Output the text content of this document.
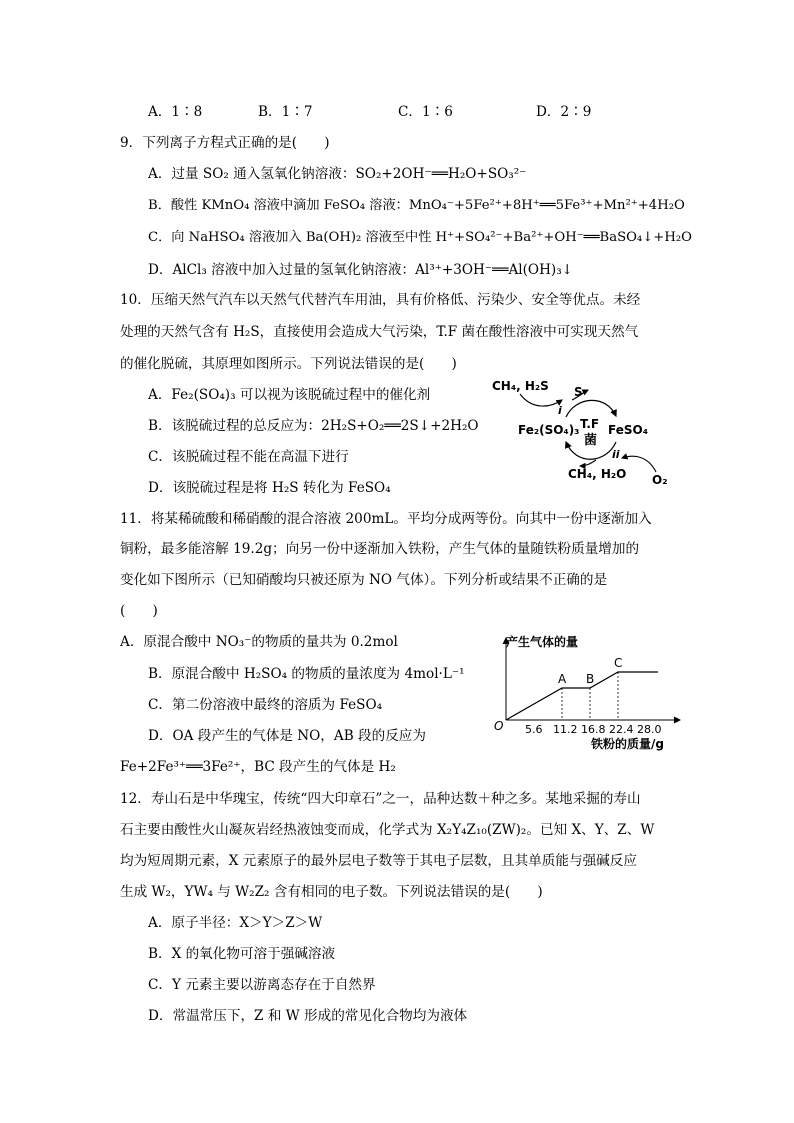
A．1∶8	B．1∶7	C．1∶6	D．2∶9
9．下列离子方程式正确的是(　　)
A．过量 SO₂ 通入氢氧化钠溶液：SO₂+2OH⁻══H₂O+SO₃²⁻
B．酸性 KMnO₄ 溶液中滴加 FeSO₄ 溶液：MnO₄⁻+5Fe²⁺+8H⁺══5Fe³⁺+Mn²⁺+4H₂O
C．向 NaHSO₄ 溶液加入 Ba(OH)₂ 溶液至中性 H⁺+SO₄²⁻+Ba²⁺+OH⁻══BaSO₄↓+H₂O
D．AlCl₃ 溶液中加入过量的氢氧化钠溶液：Al³⁺+3OH⁻══Al(OH)₃↓
10．压缩天然气汽车以天然气代替汽车用油，具有价格低、污染少、安全等优点。未经
处理的天然气含有 H₂S，直接使用会造成大气污染，T.F 菌在酸性溶液中可实现天然气
的催化脱硫，其原理如图所示。下列说法错误的是(　　)
A．Fe₂(SO₄)₃ 可以视为该脱硫过程中的催化剂
B．该脱硫过程的总反应为：2H₂S+O₂══2S↓+2H₂O
C．该脱硫过程不能在高温下进行
D．该脱硫过程是将 H₂S 转化为 FeSO₄
CH₄, H₂S S
i
T.F
菌
Fe₂(SO₄)₃ FeSO₄
ii
CH₄, H₂O O₂
11．将某稀硫酸和稀硝酸的混合溶液 200mL。平均分成两等份。向其中一份中逐渐加入
铜粉，最多能溶解 19.2g；向另一份中逐渐加入铁粉，产生气体的量随铁粉质量增加的
变化如下图所示（已知硝酸均只被还原为 NO 气体）。下列分析或结果不正确的是
(　　)
A．原混合酸中 NO₃⁻的物质的量共为 0.2mol
B．原混合酸中 H₂SO₄ 的物质的量浓度为 4mol·L⁻¹
C．第二份溶液中最终的溶质为 FeSO₄
D．OA 段产生的气体是 NO，AB 段的反应为
Fe+2Fe³⁺══3Fe²⁺，BC 段产生的气体是 H₂
产生气体的量
O
铁粉的质量/g
A B
C
5.6 11.2 16.8 22.4 28.0
12．寿山石是中华瑰宝，传统“四大印章石”之一，品种达数＋种之多。某地采掘的寿山
石主要由酸性火山凝灰岩经热液蚀变而成，化学式为 X₂Y₄Z₁₀(ZW)₂。已知 X、Y、Z、W
均为短周期元素，X 元素原子的最外层电子数等于其电子层数，且其单质能与强碱反应
生成 W₂，YW₄ 与 W₂Z₂ 含有相同的电子数。下列说法错误的是(　　)
A．原子半径：X＞Y＞Z＞W
B．X 的氧化物可溶于强碱溶液
C．Y 元素主要以游离态存在于自然界
D．常温常压下，Z 和 W 形成的常见化合物均为液体
